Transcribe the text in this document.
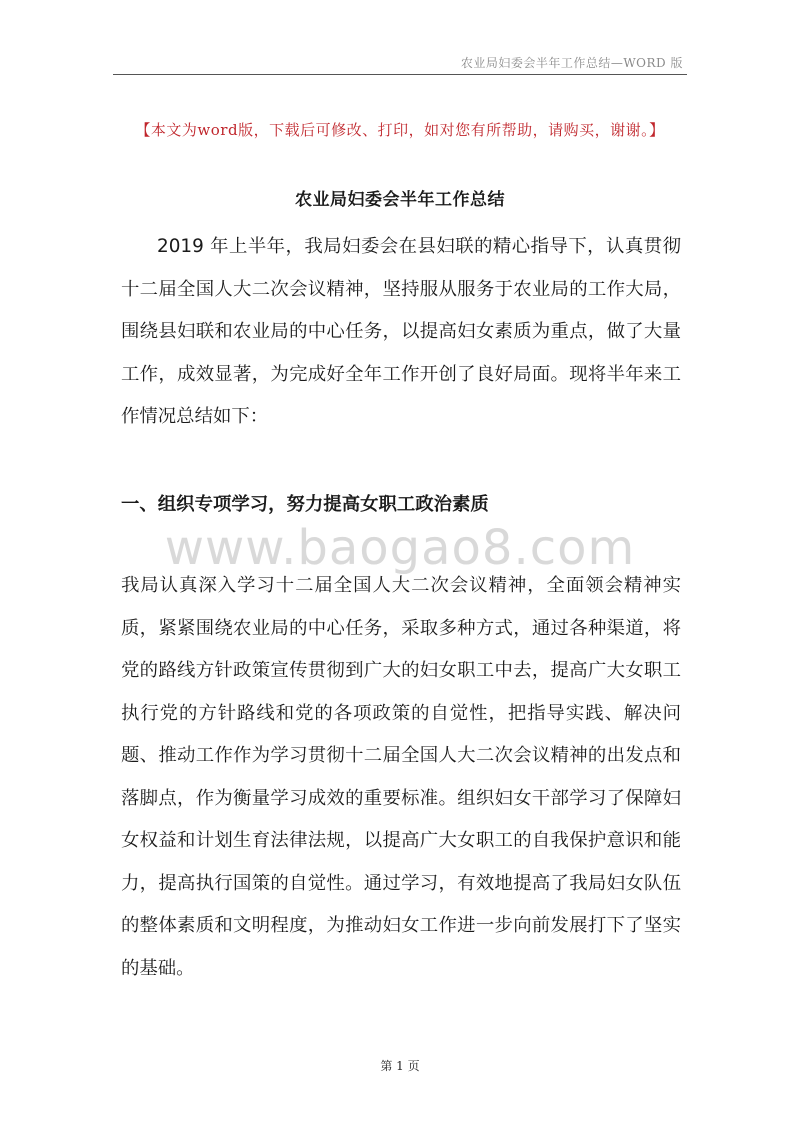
农业局妇委会半年工作总结—WORD 版
【本文为word版，下载后可修改、打印，如对您有所帮助，请购买，谢谢。】
农业局妇委会半年工作总结

2019 年上半年，我局妇委会在县妇联的精心指导下，认真贯彻十二届全国人大二次会议精神，坚持服从服务于农业局的工作大局，围绕县妇联和农业局的中心任务，以提高妇女素质为重点，做了大量工作，成效显著，为完成好全年工作开创了良好局面。现将半年来工作情况总结如下：

一、组织专项学习，努力提高女职工政治素质
www.baogao8.com

我局认真深入学习十二届全国人大二次会议精神，全面领会精神实质，紧紧围绕农业局的中心任务，采取多种方式，通过各种渠道，将党的路线方针政策宣传贯彻到广大的妇女职工中去，提高广大女职工执行党的方针路线和党的各项政策的自觉性，把指导实践、解决问题、推动工作作为学习贯彻十二届全国人大二次会议精神的出发点和落脚点，作为衡量学习成效的重要标准。组织妇女干部学习了保障妇女权益和计划生育法律法规，以提高广大女职工的自我保护意识和能力，提高执行国策的自觉性。通过学习，有效地提高了我局妇女队伍的整体素质和文明程度，为推动妇女工作进一步向前发展打下了坚实的基础。

第 1 页
